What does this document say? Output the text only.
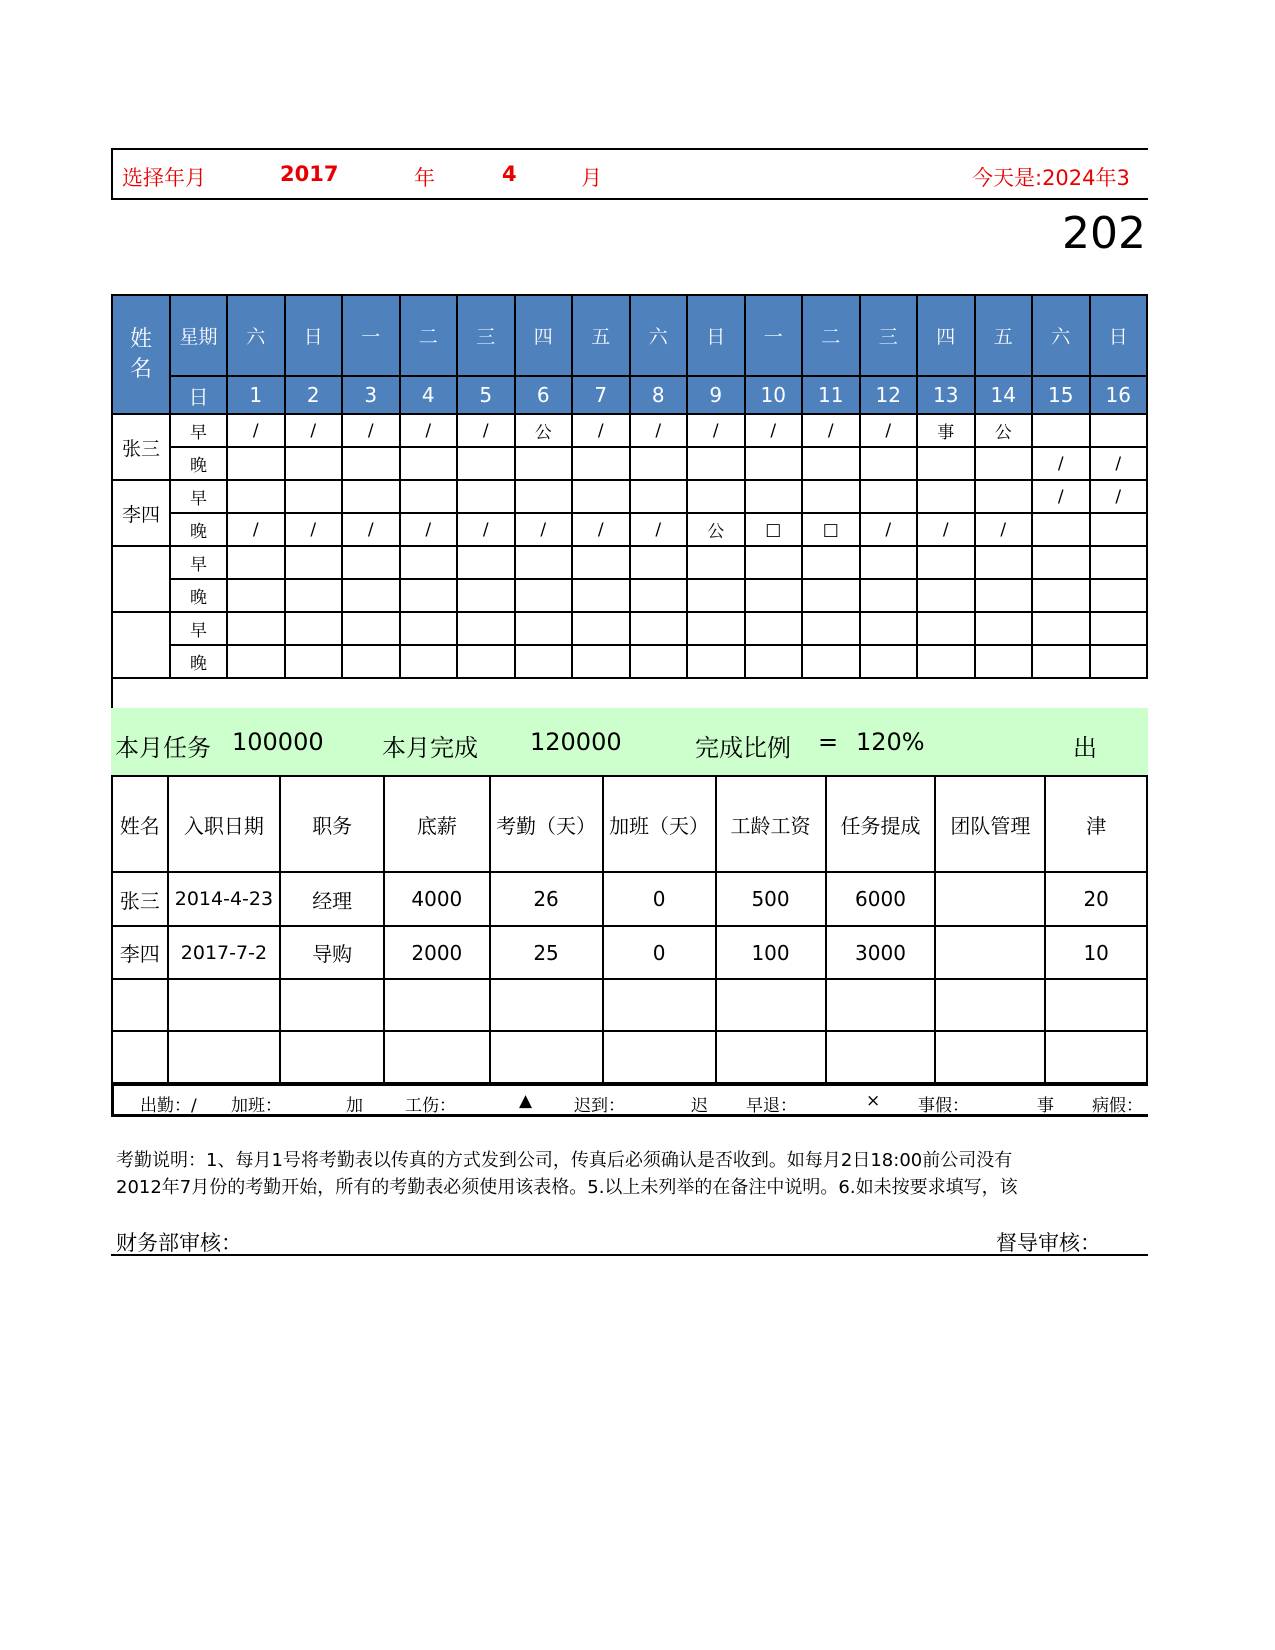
选择年月	2017	年	4	月	今天是:2024年3
202
姓名	星期	六	日	一	二	三	四	五	六	日	一	二	三	四	五	六	日
	日	1	2	3	4	5	6	7	8	9	10	11	12	13	14	15	16
张三	早	/	/	/	/	/	公	/	/	/	/	/	/	事	公		
	晚															/	/
李四	早															/	/
	晚	/	/	/	/	/	/	/	/	公	□	□	/	/	/		
	早																
	晚																
	早																
	晚																

本月任务 100000 本月完成 120000	完成比例 = 120%	出
姓名	入职日期	职务	底薪	考勤（天）	加班（天）	工龄工资	任务提成	团队管理	津
张三	2014-4-23	经理	4000	26	0	500	6000		20
李四	2017-7-2	导购	2000	25	0	100	3000		10

出勤：/ 加班：	加 工伤：	▲ 迟到：	迟 早退：	× 事假：	事 病假：
考勤说明：1、每月1号将考勤表以传真的方式发到公司，传真后必须确认是否收到。如每月2日18:00前公司没有
2012年7月份的考勤开始，所有的考勤表必须使用该表格。5.以上未列举的在备注中说明。6.如未按要求填写，该
财务部审核：	督导审核：
